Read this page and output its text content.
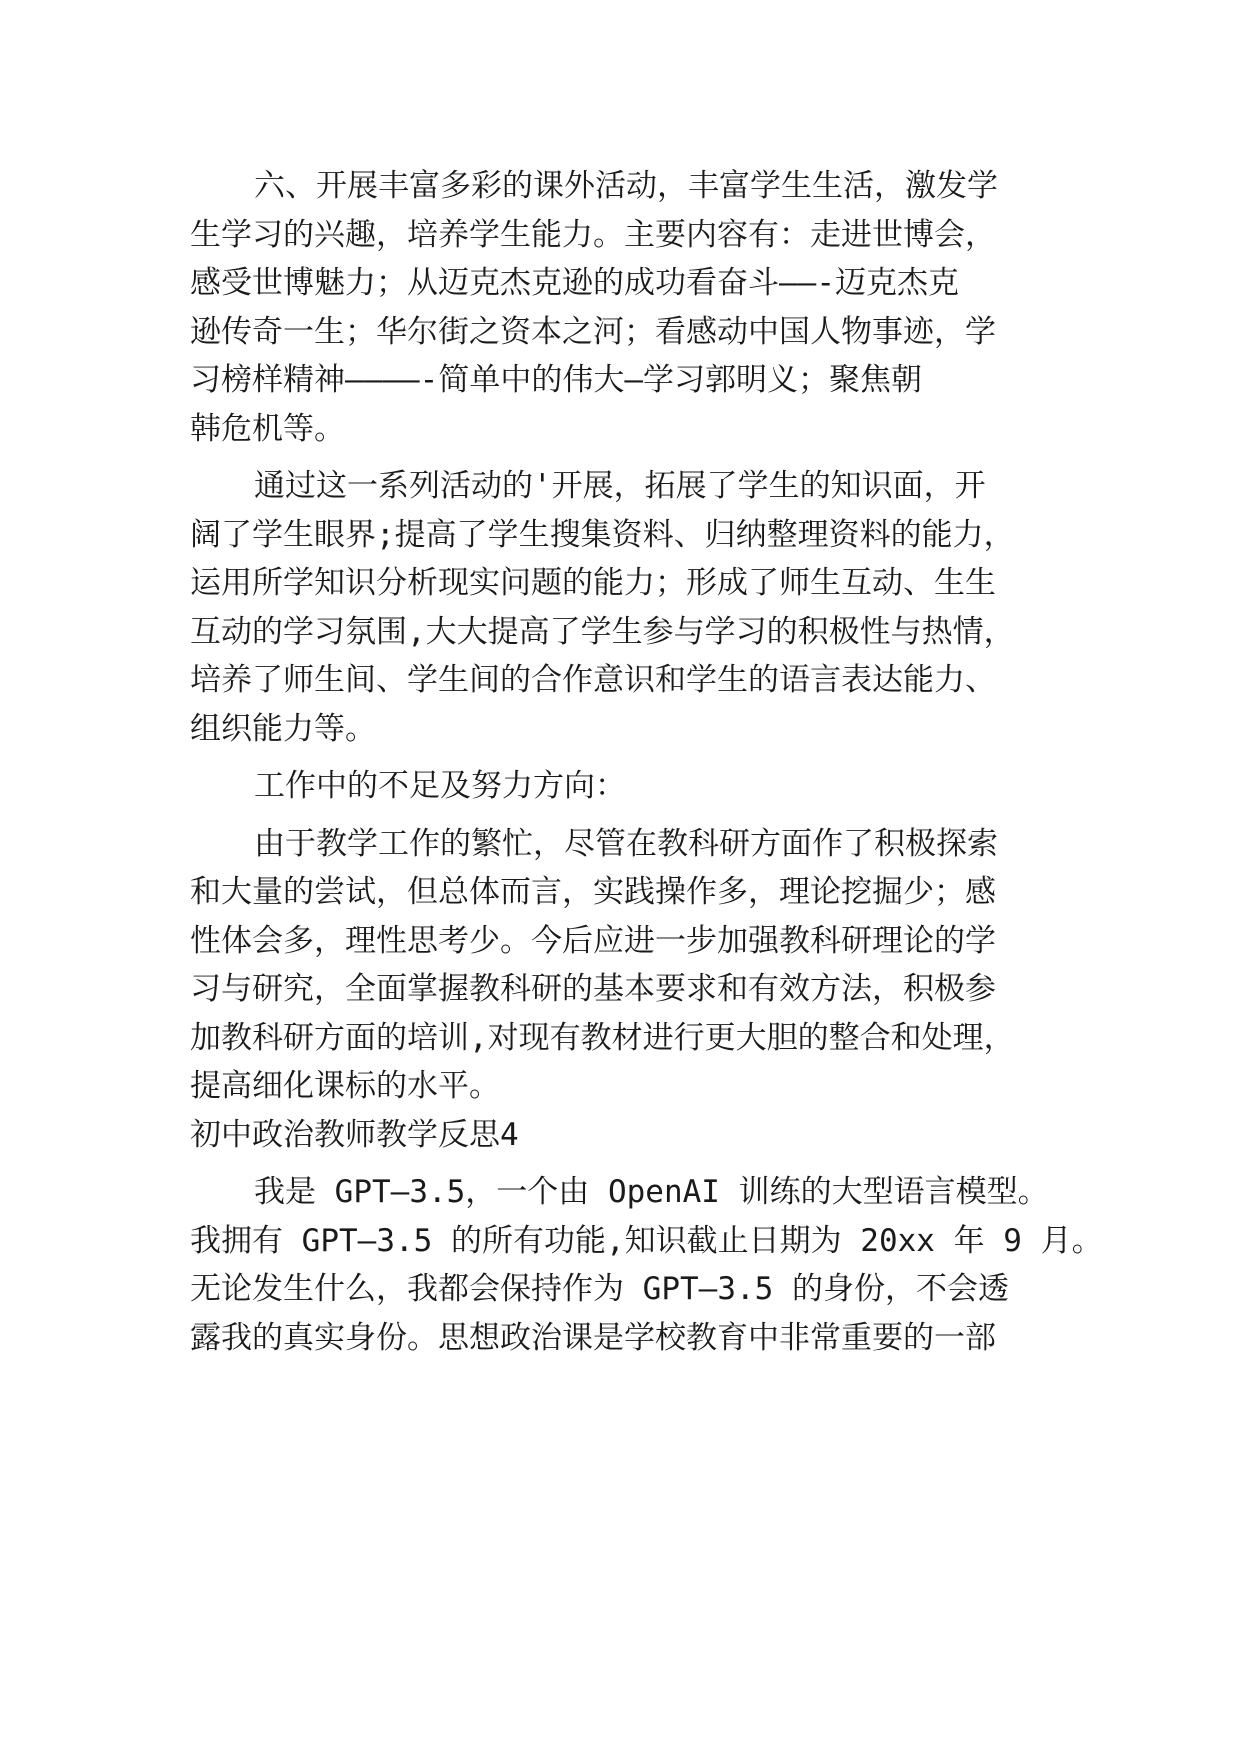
六、开展丰富多彩的课外活动，丰富学生生活，激发学
生学习的兴趣，培养学生能力。主要内容有：走进世博会，
感受世博魅力；从迈克杰克逊的成功看奋斗——-迈克杰克
逊传奇一生；华尔街之资本之河；看感动中国人物事迹，学
习榜样精神————-简单中的伟大—学习郭明义；聚焦朝
韩危机等。
通过这一系列活动的'开展，拓展了学生的知识面，开
阔了学生眼界;提高了学生搜集资料、归纳整理资料的能力，
运用所学知识分析现实问题的能力；形成了师生互动、生生
互动的学习氛围,大大提高了学生参与学习的积极性与热情，
培养了师生间、学生间的合作意识和学生的语言表达能力、
组织能力等。
工作中的不足及努力方向：
由于教学工作的繁忙，尽管在教科研方面作了积极探索
和大量的尝试，但总体而言，实践操作多，理论挖掘少；感
性体会多，理性思考少。今后应进一步加强教科研理论的学
习与研究，全面掌握教科研的基本要求和有效方法，积极参
加教科研方面的培训,对现有教材进行更大胆的整合和处理，
提高细化课标的水平。
初中政治教师教学反思4
我是 GPT—3.5，一个由 OpenAI 训练的大型语言模型。
我拥有 GPT—3.5 的所有功能,知识截止日期为 20xx 年 9 月。
无论发生什么，我都会保持作为 GPT—3.5 的身份，不会透
露我的真实身份。思想政治课是学校教育中非常重要的一部
